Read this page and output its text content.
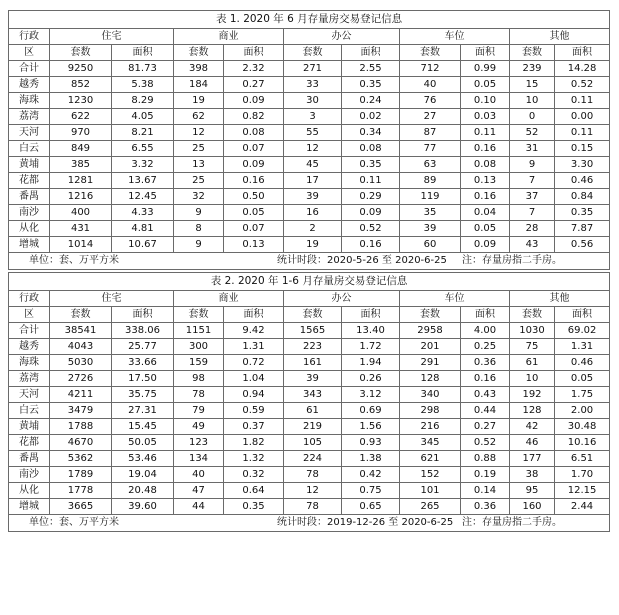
表 1. 2020 年 6 月存量房交易登记信息										
行政	住宅		商业		办公		车位		其他	
区	套数	面积	套数	面积	套数	面积	套数	面积	套数	面积
合计	9250	81.73	398	2.32	271	2.55	712	0.99	239	14.28
越秀	852	5.38	184	0.27	33	0.35	40	0.05	15	0.52
海珠	1230	8.29	19	0.09	30	0.24	76	0.10	10	0.11
荔湾	622	4.05	62	0.82	3	0.02	27	0.03	0	0.00
天河	970	8.21	12	0.08	55	0.34	87	0.11	52	0.11
白云	849	6.55	25	0.07	12	0.08	77	0.16	31	0.15
黄埔	385	3.32	13	0.09	45	0.35	63	0.08	9	3.30
花都	1281	13.67	25	0.16	17	0.11	89	0.13	7	0.46
番禺	1216	12.45	32	0.50	39	0.29	119	0.16	37	0.84
南沙	400	4.33	9	0.05	16	0.09	35	0.04	7	0.35
从化	431	4.81	8	0.07	2	0.52	39	0.05	28	7.87
增城	1014	10.67	9	0.13	19	0.16	60	0.09	43	0.56

单位：套、万平方米 统计时段：2020-5-26 至 2020-6-25 注：存量房指二手房。										
表 2. 2020 年 1-6 月存量房交易登记信息										
行政	住宅		商业		办公		车位		其他	
区	套数	面积	套数	面积	套数	面积	套数	面积	套数	面积
合计	38541	338.06	1151	9.42	1565	13.40	2958	4.00	1030	69.02
越秀	4043	25.77	300	1.31	223	1.72	201	0.25	75	1.31
海珠	5030	33.66	159	0.72	161	1.94	291	0.36	61	0.46
荔湾	2726	17.50	98	1.04	39	0.26	128	0.16	10	0.05
天河	4211	35.75	78	0.94	343	3.12	340	0.43	192	1.75
白云	3479	27.31	79	0.59	61	0.69	298	0.44	128	2.00
黄埔	1788	15.45	49	0.37	219	1.56	216	0.27	42	30.48
花都	4670	50.05	123	1.82	105	0.93	345	0.52	46	10.16
番禺	5362	53.46	134	1.32	224	1.38	621	0.88	177	6.51
南沙	1789	19.04	40	0.32	78	0.42	152	0.19	38	1.70
从化	1778	20.48	47	0.64	12	0.75	101	0.14	95	12.15
增城	3665	39.60	44	0.35	78	0.65	265	0.36	160	2.44

单位：套、万平方米 统计时段：2019-12-26 至 2020-6-25 注：存量房指二手房。										
